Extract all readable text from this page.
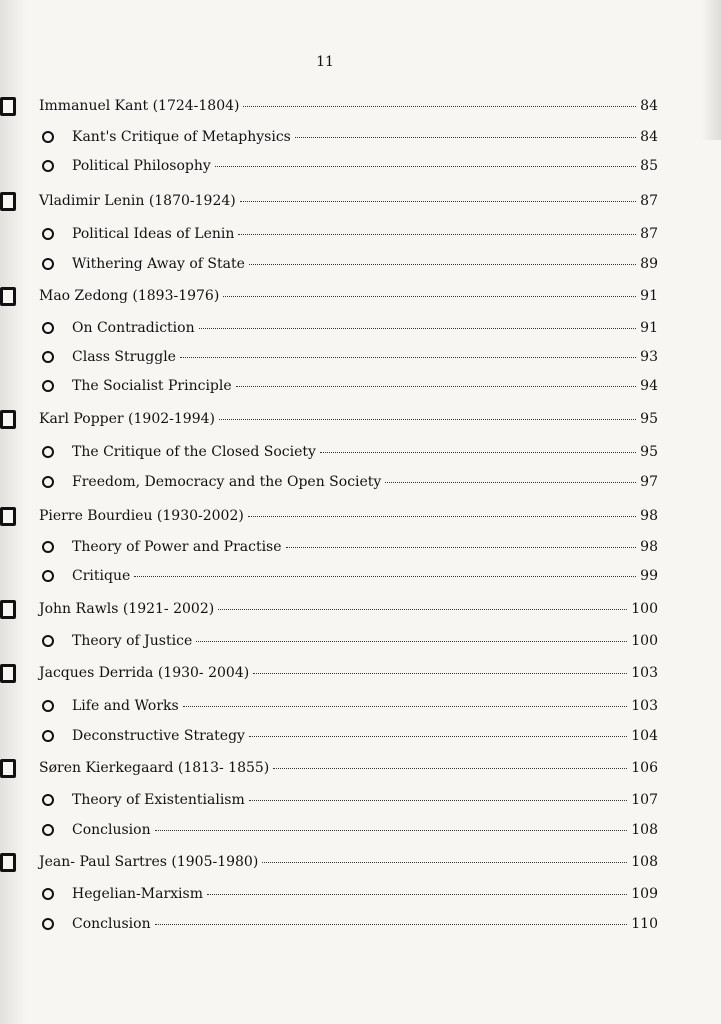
11
Immanuel Kant (1724-1804)	84
Kant's Critique of Metaphysics	84
Political Philosophy	85
Vladimir Lenin (1870-1924)	87
Political Ideas of Lenin	87
Withering Away of State	89
Mao Zedong (1893-1976)	91
On Contradiction	91
Class Struggle	93
The Socialist Principle	94
Karl Popper (1902-1994)	95
The Critique of the Closed Society	95
Freedom, Democracy and the Open Society	97
Pierre Bourdieu (1930-2002)	98
Theory of Power and Practise	98
Critique	99
John Rawls (1921- 2002)	100
Theory of Justice	100
Jacques Derrida (1930- 2004)	103
Life and Works	103
Deconstructive Strategy	104
Søren Kierkegaard (1813- 1855)	106
Theory of Existentialism	107
Conclusion	108
Jean- Paul Sartres (1905-1980)	108
Hegelian-Marxism	109
Conclusion	110
